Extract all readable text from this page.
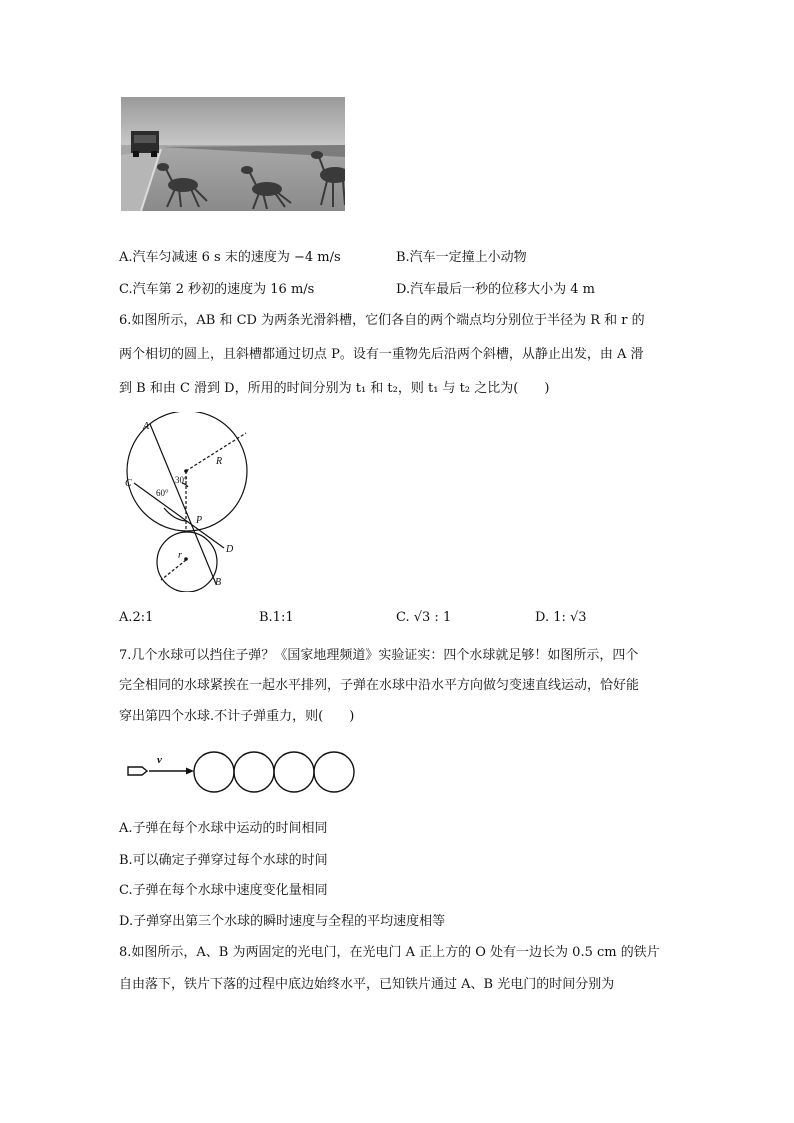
A.汽车匀减速 6 s 末的速度为 −4 m/s	B.汽车一定撞上小动物
C.汽车第 2 秒初的速度为 16 m/s	D.汽车最后一秒的位移大小为 4 m
6.如图所示，AB 和 CD 为两条光滑斜槽，它们各自的两个端点均分别位于半径为 R 和 r 的
两个相切的圆上，且斜槽都通过切点 P。设有一重物先后沿两个斜槽，从静止出发，由 A 滑
到 B 和由 C 滑到 D，所用的时间分别为 t₁ 和 t₂，则 t₁ 与 t₂ 之比为(　　)
A
C
R
P
r
D
B
30°
60°
A.2:1	B.1:1	C. √3 : 1	D. 1: √3
7.几个水球可以挡住子弹？《国家地理频道》实验证实：四个水球就足够！如图所示，四个
完全相同的水球紧挨在一起水平排列，子弹在水球中沿水平方向做匀变速直线运动，恰好能
穿出第四个水球.不计子弹重力，则(　　)
v
A.子弹在每个水球中运动的时间相同
B.可以确定子弹穿过每个水球的时间
C.子弹在每个水球中速度变化量相同
D.子弹穿出第三个水球的瞬时速度与全程的平均速度相等
8.如图所示，A、B 为两固定的光电门，在光电门 A 正上方的 O 处有一边长为 0.5 cm 的铁片
自由落下，铁片下落的过程中底边始终水平，已知铁片通过 A、B 光电门的时间分别为
